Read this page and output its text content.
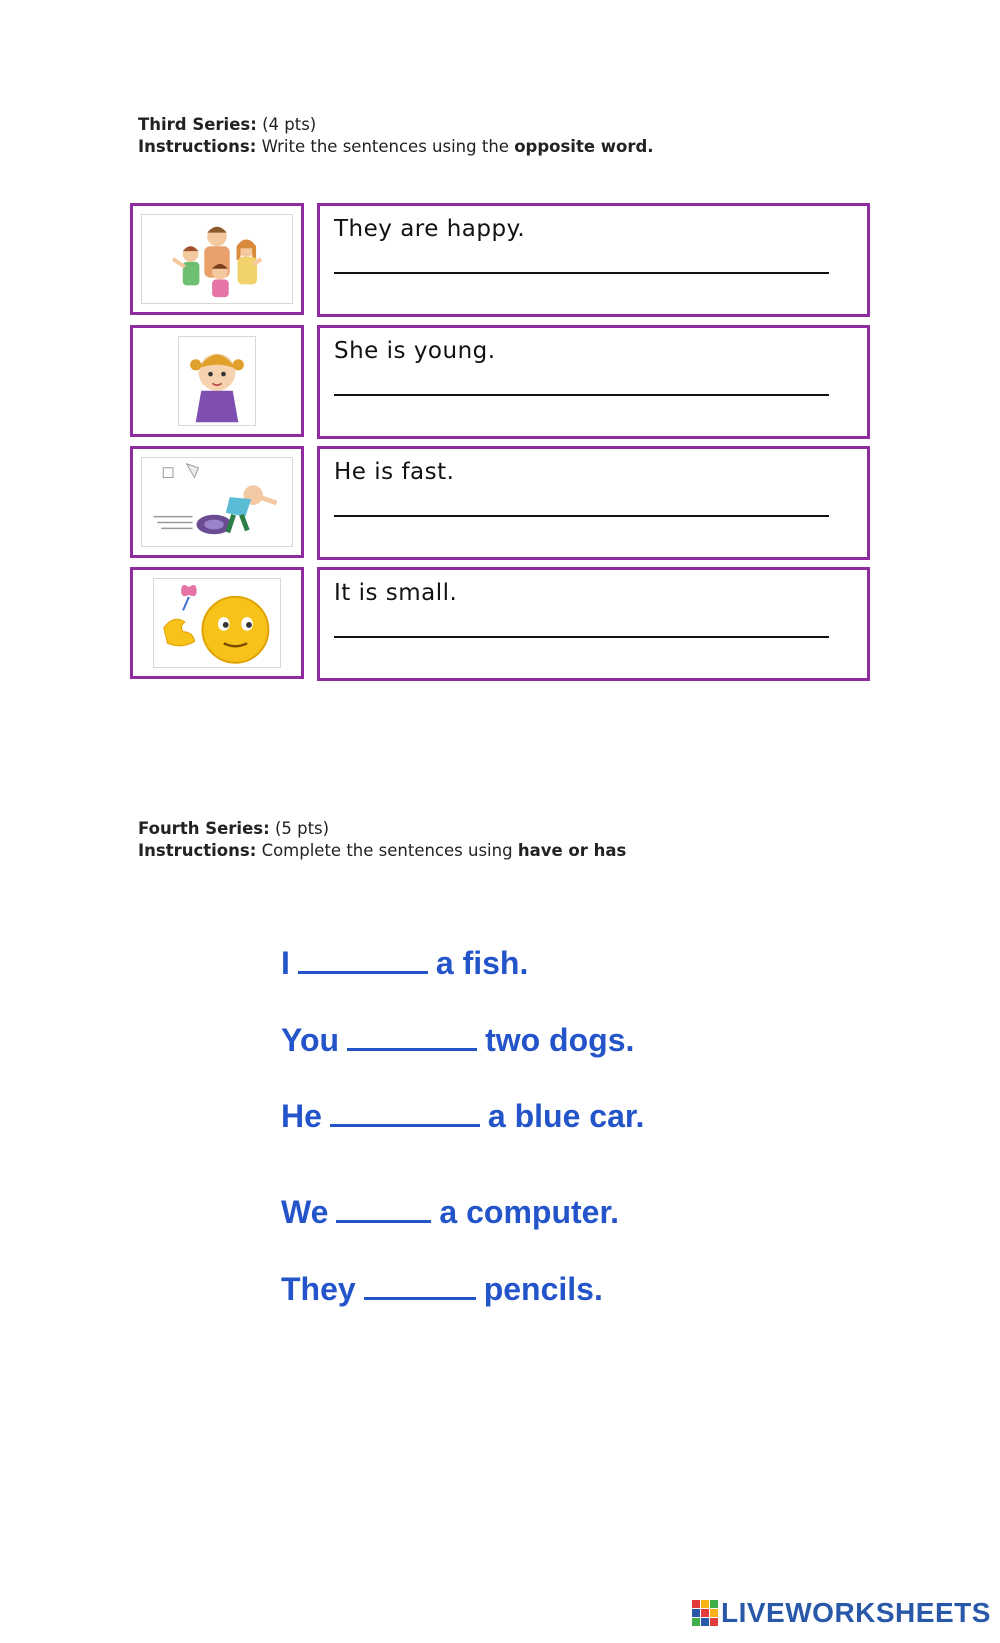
Third Series: (4 pts)
Instructions: Write the sentences using the opposite word.
They are happy.
She is young.
He is fast.
It is small.
Fourth Series: (5 pts)
Instructions: Complete the sentences using have or has
I	a fish.
You	two dogs.
He	a blue car.
We	a computer.
They	pencils.
LIVEWORKSHEETS
